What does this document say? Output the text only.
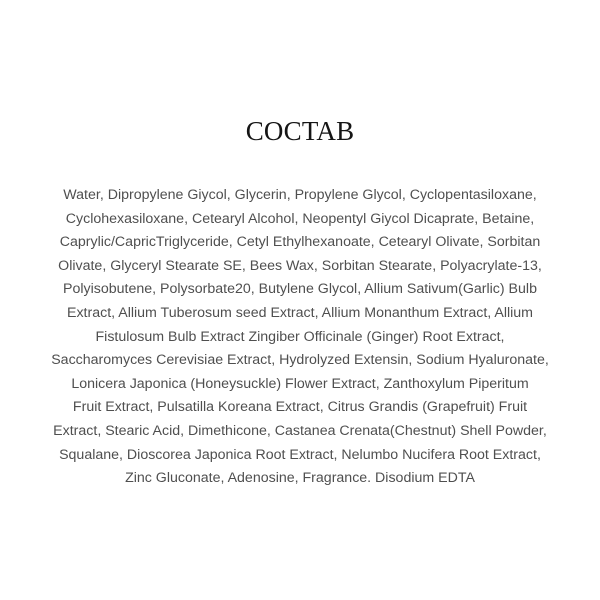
COCTAB

Water, Dipropylene Giycol, Glycerin, Propylene Glycol, Cyclopentasiloxane,
Cyclohexasiloxane, Cetearyl Alcohol, Neopentyl Giycol Dicaprate, Betaine,
Caprylic/CapricTriglyceride, Cetyl Ethylhexanoate, Cetearyl Olivate, Sorbitan
Olivate, Glyceryl Stearate SE, Bees Wax, Sorbitan Stearate, Polyacrylate-13,
Polyisobutene, Polysorbate20, Butylene Glycol, Allium Sativum(Garlic) Bulb
Extract, Allium Tuberosum seed Extract, Allium Monanthum Extract, Allium
Fistulosum Bulb Extract Zingiber Officinale (Ginger) Root Extract,
Saccharomyces Cerevisiae Extract, Hydrolyzed Extensin, Sodium Hyaluronate,
Lonicera Japonica (Honeysuckle) Flower Extract, Zanthoxylum Piperitum
Fruit Extract, Pulsatilla Koreana Extract, Citrus Grandis (Grapefruit) Fruit
Extract, Stearic Acid, Dimethicone, Castanea Crenata(Chestnut) Shell Powder,
Squalane, Dioscorea Japonica Root Extract, Nelumbo Nucifera Root Extract,
Zinc Gluconate, Adenosine, Fragrance. Disodium EDTA
